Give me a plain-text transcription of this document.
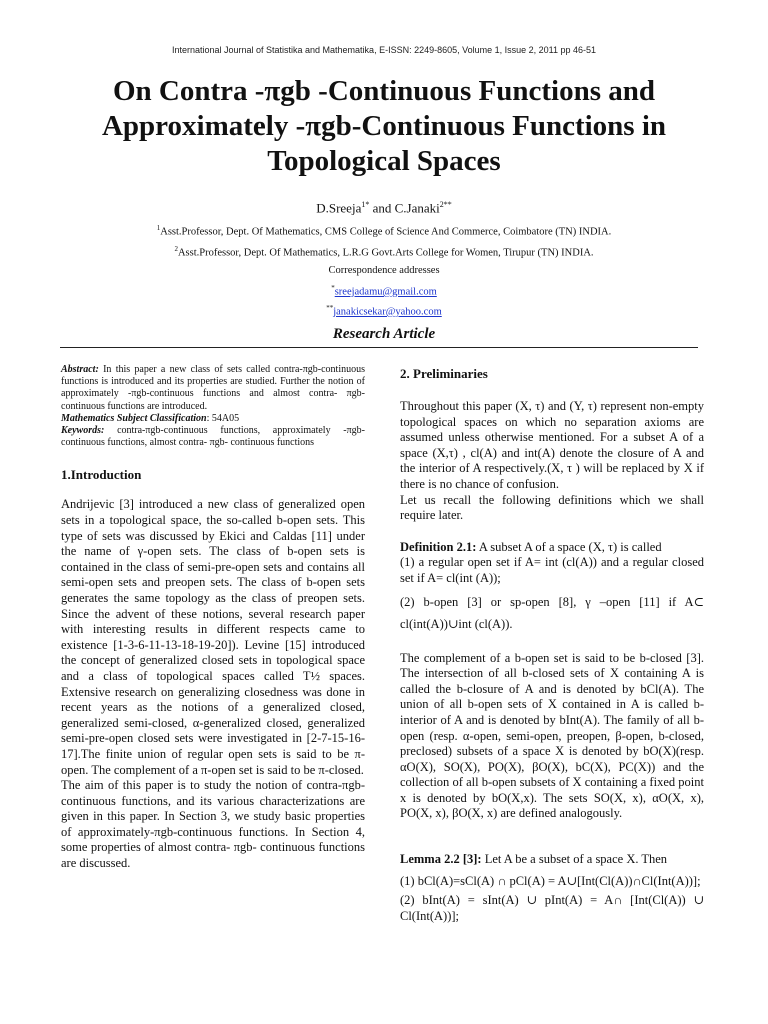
International Journal of Statistika and Mathematika, E-ISSN: 2249-8605, Volume 1, Issue 2, 2011 pp 46-51
On Contra -πgb -Continuous Functions and Approximately -πgb-Continuous Functions in Topological Spaces
D.Sreeja$^{1*}$ and C.Janaki$^{2**}$
$^1$Asst.Professor, Dept. Of Mathematics, CMS College of Science And Commerce, Coimbatore (TN) INDIA.
$^2$Asst.Professor, Dept. Of Mathematics, L.R.G Govt.Arts College for Women, Tirupur (TN) INDIA.
Correspondence addresses
*sreejadamu@gmail.com
**janakicsekar@yahoo.com
Research Article

Abstract: In this paper a new class of sets called contra-πgb-continuous functions is introduced and its properties are studied. Further the notion of approximately -πgb-continuous functions and almost contra- πgb-continuous functions are introduced.

Mathematics Subject Classification: 54A05

Keywords: contra-πgb-continuous functions, approximately -πgb-continuous functions, almost contra- πgb- continuous functions

1.Introduction

Andrijevic [3] introduced a new class of generalized open sets in a topological space, the so-called b-open sets. This type of sets was discussed by Ekici and Caldas [11] under the name of γ-open sets. The class of b-open sets is contained in the class of semi-pre-open sets and contains all semi-open sets and preopen sets. The class of b-open sets generates the same topology as the class of preopen sets. Since the advent of these notions, several research paper with interesting results in different respects came to existence [1-3-6-11-13-18-19-20]). Levine [15] introduced the concept of generalized closed sets in topological space and a class of topological spaces called T½ spaces. Extensive research on generalizing closedness was done in recent years as the notions of a generalized closed, generalized semi-closed, α-generalized closed, generalized semi-pre-open closed sets were investigated in [2-7-15-16-17].The finite union of regular open sets is said to be π-open. The complement of a π-open set is said to be π-closed.

The aim of this paper is to study the notion of contra-πgb-continuous functions, and its various characterizations are given in this paper. In Section 3, we study basic properties of approximately-πgb-continuous functions. In Section 4, some properties of almost contra- πgb- continuous functions are discussed.

2. Preliminaries

Throughout this paper (X, τ) and (Y, τ) represent non-empty topological spaces on which no separation axioms are assumed unless otherwise mentioned. For a subset A of a space (X,τ) , cl(A) and int(A) denote the closure of A and the interior of A respectively.(X, τ ) will be replaced by X if there is no chance of confusion.

Let us recall the following definitions which we shall require later.

Definition 2.1: A subset A of a space (X, τ) is called

(1) a regular open set if A= int (cl(A)) and a regular closed set if A= cl(int (A));

(2) b-open [3] or sp-open [8], γ –open [11] if A⊂ cl(int(A))∪int (cl(A)).

The complement of a b-open set is said to be b-closed [3]. The intersection of all b-closed sets of X containing A is called the b-closure of A and is denoted by bCl(A). The union of all b-open sets of X contained in A is called b-interior of A and is denoted by bInt(A). The family of all b-open (resp. α-open, semi-open, preopen, β-open, b-closed, preclosed) subsets of a space X is denoted by bO(X)(resp. αO(X), SO(X), PO(X), βO(X), bC(X), PC(X)) and the collection of all b-open subsets of X containing a fixed point x is denoted by bO(X,x). The sets SO(X, x), αO(X, x), PO(X, x), βO(X, x) are defined analogously.

Lemma 2.2 [3]: Let A be a subset of a space X. Then

(1) bCl(A)=sCl(A) ∩ pCl(A) = A∪[Int(Cl(A))∩Cl(Int(A))];

(2) bInt(A) = sInt(A) ∪ pInt(A) = A∩ [Int(Cl(A)) ∪ Cl(Int(A))];
